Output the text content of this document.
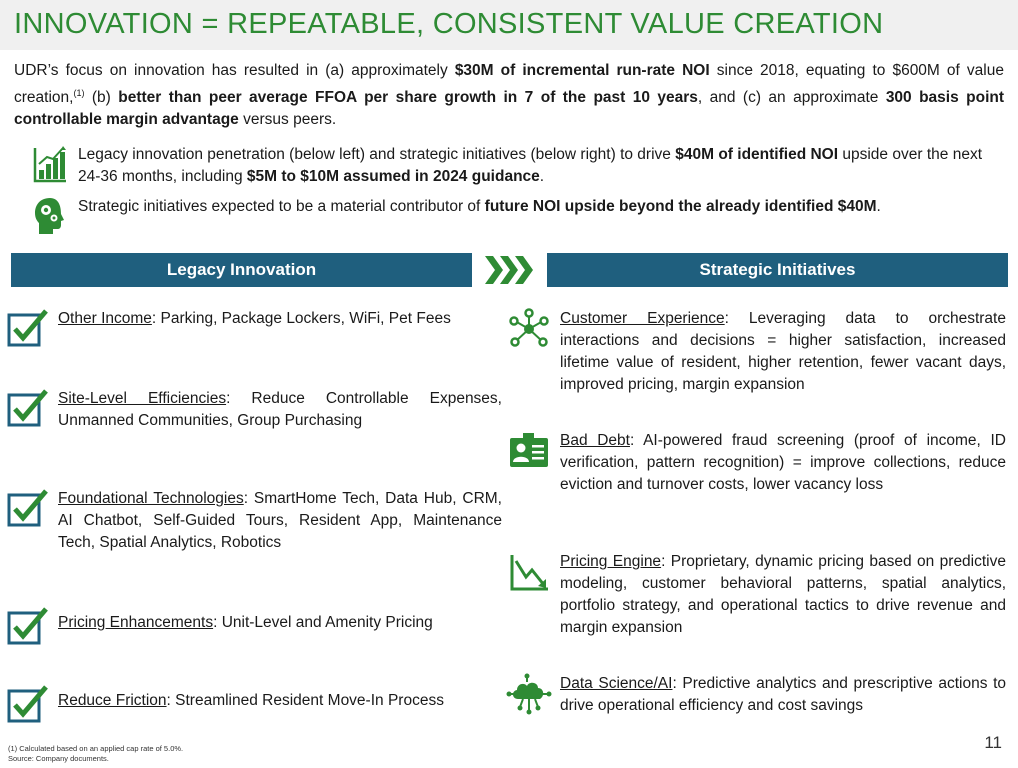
INNOVATION = REPEATABLE, CONSISTENT VALUE CREATION

UDR’s focus on innovation has resulted in (a) approximately $30M of incremental run-rate NOI since 2018, equating to $600M of value creation,$^{(1)}$ (b) better than peer average FFOA per share growth in 7 of the past 10 years, and (c) an approximate 300 basis point controllable margin advantage versus peers.

Legacy innovation penetration (below left) and strategic initiatives (below right) to drive $40M of identified NOI upside over the next 24-36 months, including $5M to $10M assumed in 2024 guidance.

Strategic initiatives expected to be a material contributor of future NOI upside beyond the already identified $40M.

Legacy Innovation	Strategic Initiatives

Other Income: Parking, Package Lockers, WiFi, Pet Fees

Site-Level Efficiencies: Reduce Controllable Expenses, Unmanned Communities, Group Purchasing

Foundational Technologies: SmartHome Tech, Data Hub, CRM, AI Chatbot, Self-Guided Tours, Resident App, Maintenance Tech, Spatial Analytics, Robotics

Pricing Enhancements: Unit-Level and Amenity Pricing

Reduce Friction: Streamlined Resident Move-In Process

Customer Experience: Leveraging data to orchestrate interactions and decisions = higher satisfaction, increased lifetime value of resident, higher retention, fewer vacant days, improved pricing, margin expansion

Bad Debt: AI-powered fraud screening (proof of income, ID verification, pattern recognition) = improve collections, reduce eviction and turnover costs, lower vacancy loss

Pricing Engine: Proprietary, dynamic pricing based on predictive modeling, customer behavioral patterns, spatial analytics, portfolio strategy, and operational tactics to drive revenue and margin expansion

Data Science/AI: Predictive analytics and prescriptive actions to drive operational efficiency and cost savings

(1) Calculated based on an applied cap rate of 5.0%.
Source: Company documents.
11
